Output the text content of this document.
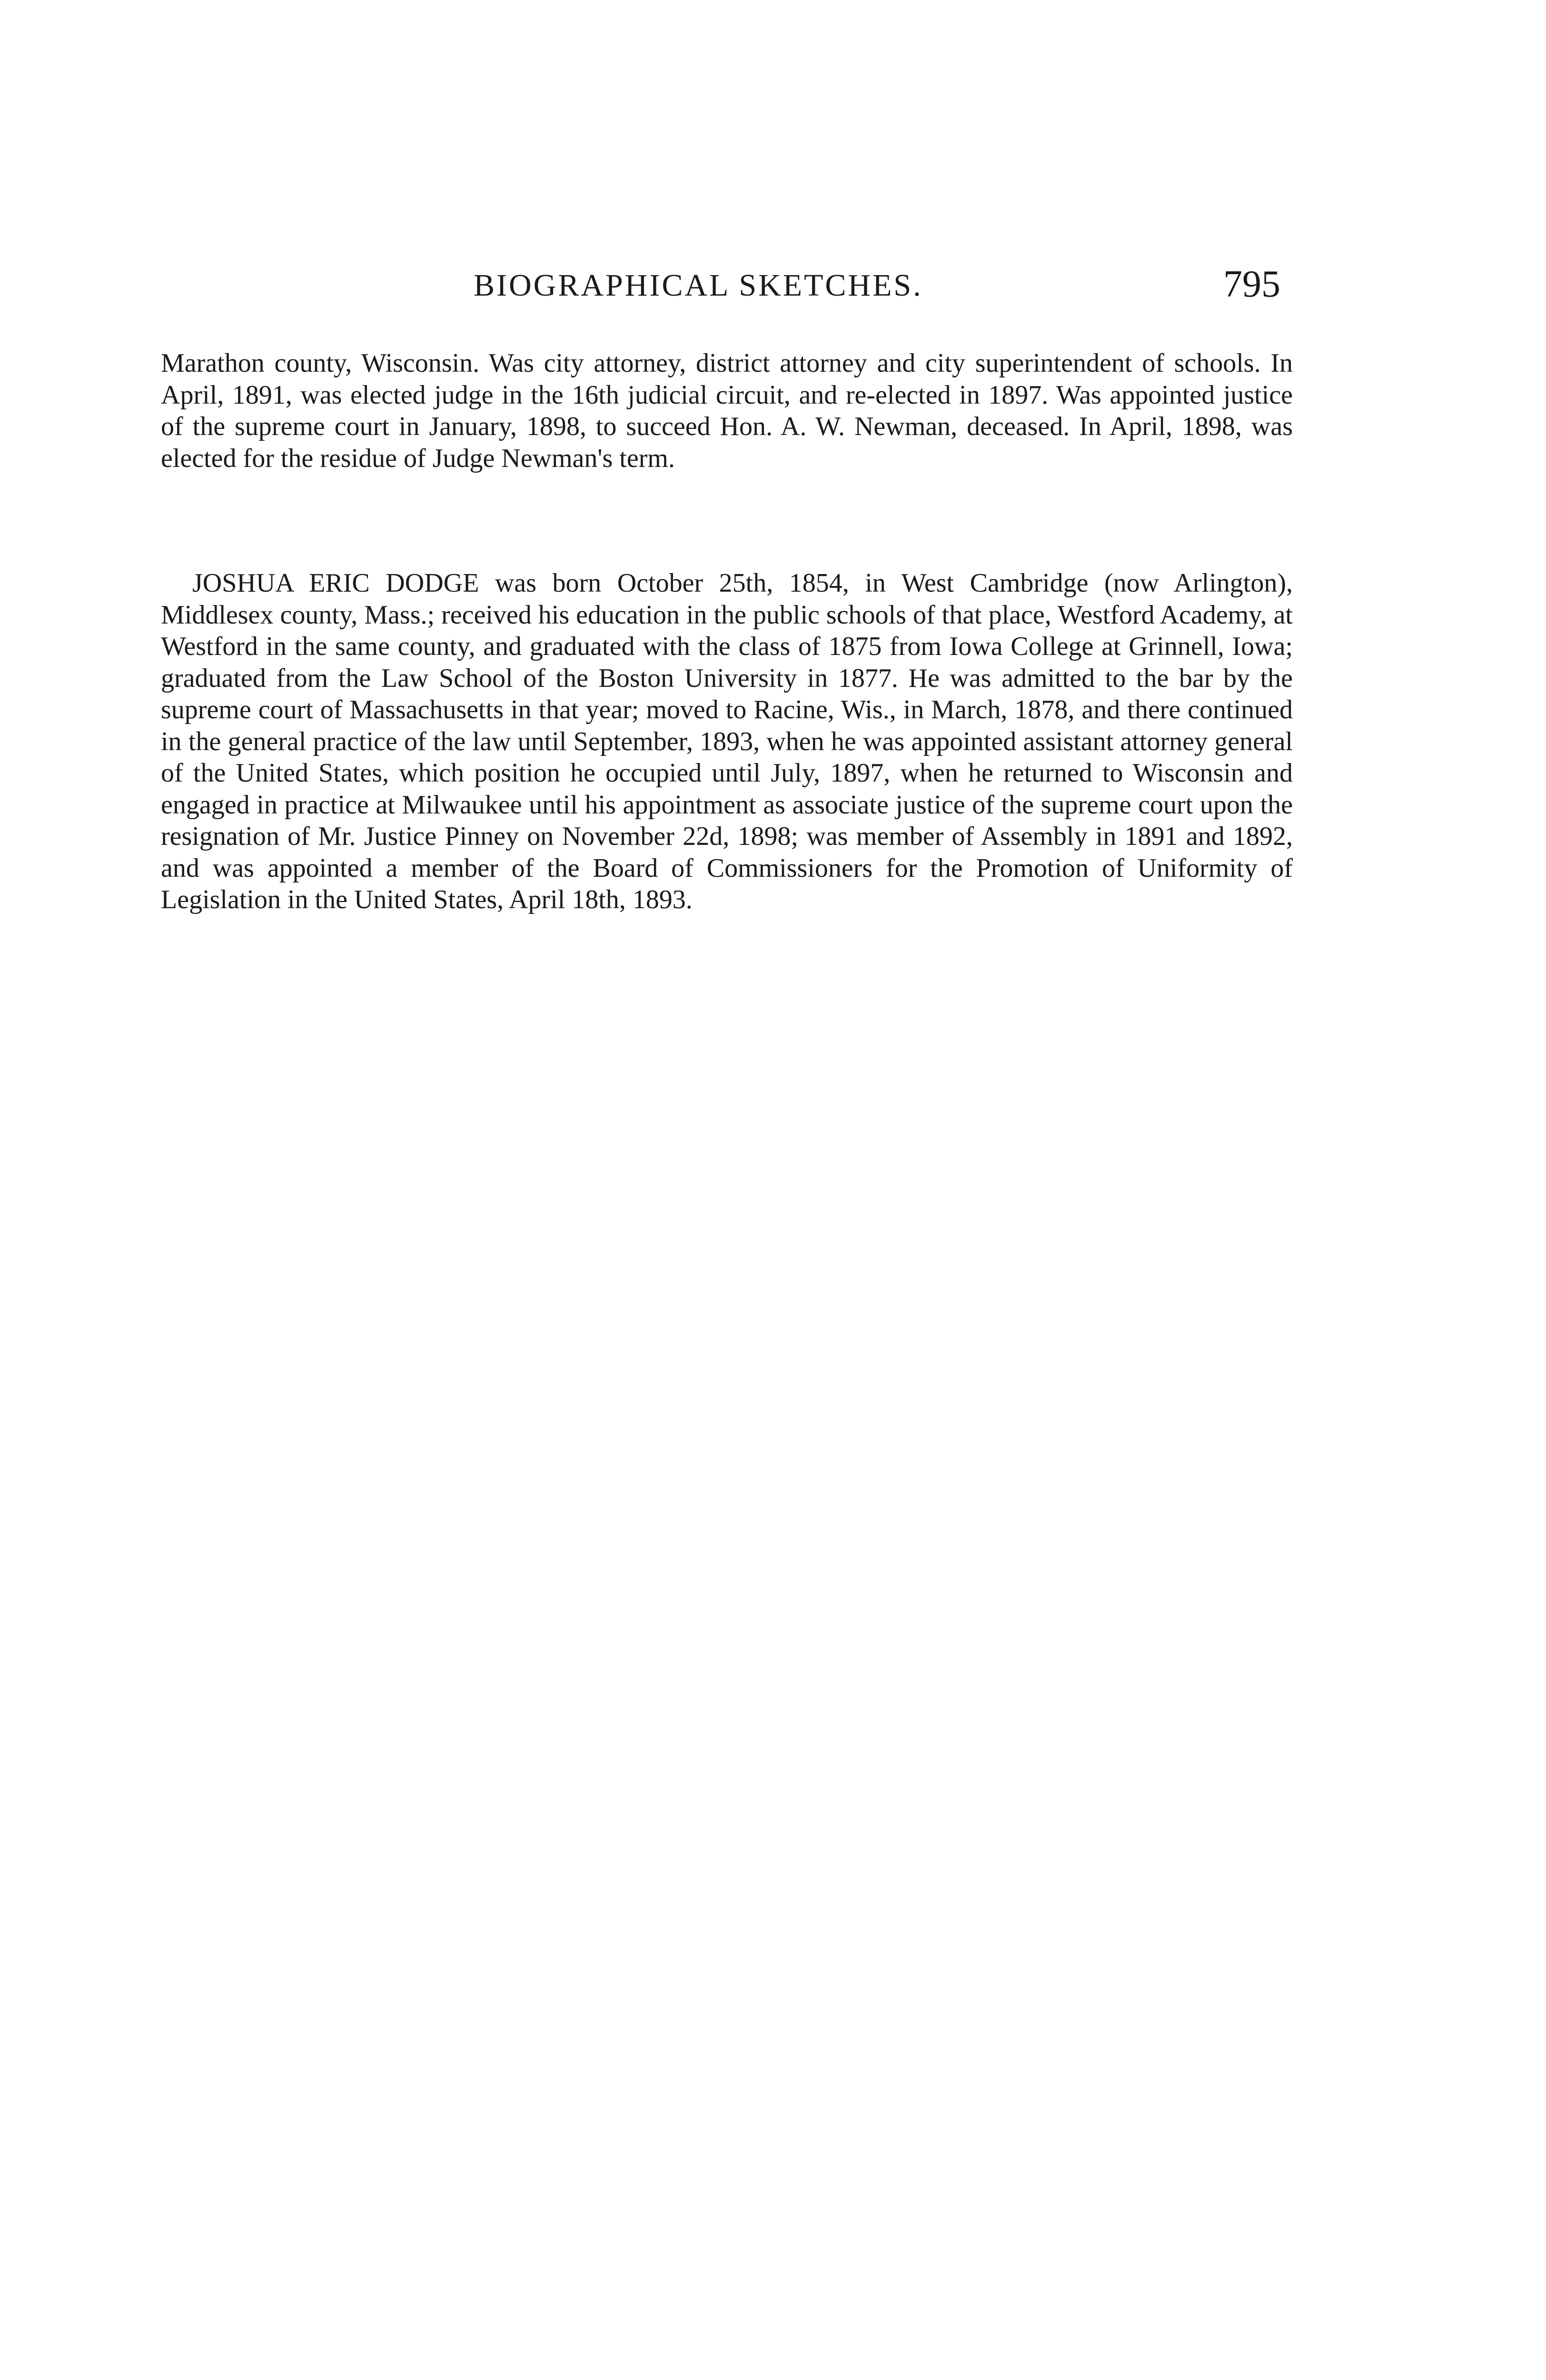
BIOGRAPHICAL SKETCHES.	795

Marathon county, Wisconsin. Was city attorney, district attorney and city superintendent of schools. In April, 1891, was elected judge in the 16th judicial circuit, and re-elected in 1897. Was appointed justice of the supreme court in January, 1898, to succeed Hon. A. W. Newman, deceased. In April, 1898, was elected for the residue of Judge Newman's term.

JOSHUA ERIC DODGE was born October 25th, 1854, in West Cambridge (now Arlington), Middlesex county, Mass.; received his education in the public schools of that place, Westford Academy, at Westford in the same county, and graduated with the class of 1875 from Iowa College at Grinnell, Iowa; graduated from the Law School of the Boston University in 1877. He was admitted to the bar by the supreme court of Massachusetts in that year; moved to Racine, Wis., in March, 1878, and there continued in the general practice of the law until September, 1893, when he was appointed assistant attorney general of the United States, which position he occupied until July, 1897, when he returned to Wisconsin and engaged in practice at Milwaukee until his appointment as associate justice of the supreme court upon the resignation of Mr. Justice Pinney on November 22d, 1898; was member of Assembly in 1891 and 1892, and was appointed a member of the Board of Commissioners for the Promotion of Uniformity of Legislation in the United States, April 18th, 1893.
